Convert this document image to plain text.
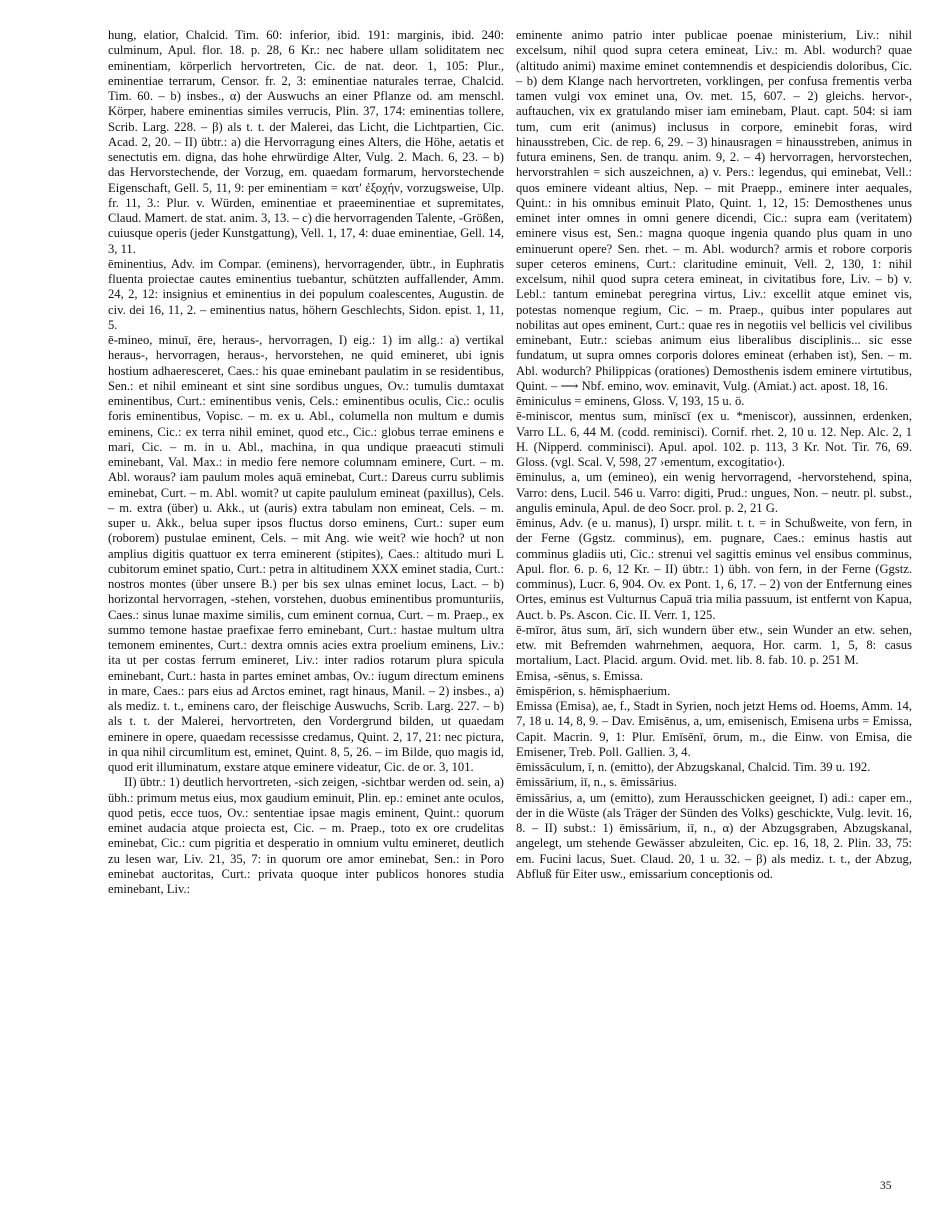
hung, elatior, Chalcid. Tim. 60: inferior, ibid. 191: marginis, ibid. 240: culminum, Apul. flor. 18. p. 28, 6 Kr.: nec habere ullam soliditatem nec eminentiam, körperlich hervortreten, Cic. de nat. deor. 1, 105: Plur., eminentiae terrarum, Censor. fr. 2, 3: eminentiae naturales terrae, Chalcid. Tim. 60. – b) insbes., α) der Auswuchs an einer Pflanze od. am menschl. Körper, habere eminentias similes verrucis, Plin. 37, 174: eminentias tollere, Scrib. Larg. 228. – β) als t. t. der Malerei, das Licht, die Lichtpartien, Cic. Acad. 2, 20. – II) übtr.: a) die Hervorragung eines Alters, die Höhe, aetatis et senectutis em. digna, das hohe ehrwürdige Alter, Vulg. 2. Mach. 6, 23. – b) das Hervorstechende, der Vorzug, em. quaedam formarum, hervorstechende Eigenschaft, Gell. 5, 11, 9: per eminentiam = κατ' ἐξοχήν, vorzugsweise, Ulp. fr. 11, 3.: Plur. v. Würden, eminentiae et praeeminentiae et supremitates, Claud. Mamert. de stat. anim. 3, 13. – c) die hervorragenden Talente, -Größen, cuiusque operis (jeder Kunstgattung), Vell. 1, 17, 4: duae eminentiae, Gell. 14, 3, 11.

ēminentius, Adv. im Compar. (eminens), hervorragender, übtr., in Euphratis fluenta proiectae cautes eminentius tuebantur, schützten auffallender, Amm. 24, 2, 12: insignius et eminentius in dei populum coalescentes, Augustin. de civ. dei 16, 11, 2. – eminentius natus, höhern Geschlechts, Sidon. epist. 1, 11, 5.

ē-mineo, minuī, ēre, heraus-, hervorragen, I) eig.: 1) im allg.: a) vertikal heraus-, hervorragen, heraus-, hervorstehen, ne quid emineret, ubi ignis hostium adhaeresceret, Caes.: his quae eminebant paulatim in se residentibus, Sen.: et nihil emineant et sint sine sordibus ungues, Ov.: tumulis dumtaxat eminentibus, Curt.: eminentibus venis, Cels.: eminentibus oculis, Cic.: oculis foris eminentibus, Vopisc. – m. ex u. Abl., columella non multum e dumis eminens, Cic.: ex terra nihil eminet, quod etc., Cic.: globus terrae eminens e mari, Cic. – m. in u. Abl., machina, in qua undique praeacuti stimuli eminebant, Val. Max.: in medio fere nemore columnam eminere, Curt. – m. Abl. woraus? iam paulum moles aquā eminebat, Curt.: Dareus curru sublimis eminebat, Curt. – m. Abl. womit? ut capite paululum emineat (paxillus), Cels. – m. extra (über) u. Akk., ut (auris) extra tabulam non emineat, Cels. – m. super u. Akk., belua super ipsos fluctus dorso eminens, Curt.: super eum (roborem) pustulae eminent, Cels. – mit Ang. wie weit? wie hoch? ut non amplius digitis quattuor ex terra eminerent (stipites), Caes.: altitudo muri L cubitorum eminet spatio, Curt.: petra in altitudinem XXX eminet stadia, Curt.: nostros montes (über unsere B.) per bis sex ulnas eminet locus, Lact. – b) horizontal hervorragen, -stehen, vorstehen, duobus eminentibus promunturiis, Caes.: sinus lunae maxime similis, cum eminent cornua, Curt. – m. Praep., ex summo temone hastae praefixae ferro eminebant, Curt.: hastae multum ultra temonem eminentes, Curt.: dextra omnis acies extra proelium eminens, Liv.: ita ut per costas ferrum emineret, Liv.: inter radios rotarum plura spicula eminebant, Curt.: hasta in partes eminet ambas, Ov.: iugum directum eminens in mare, Caes.: pars eius ad Arctos eminet, ragt hinaus, Manil. – 2) insbes., a) als mediz. t. t., eminens caro, der fleischige Auswuchs, Scrib. Larg. 227. – b) als t. t. der Malerei, hervortreten, den Vordergrund bilden, ut quaedam eminere in opere, quaedam recessisse credamus, Quint. 2, 17, 21: nec pictura, in qua nihil circumlitum est, eminet, Quint. 8, 5, 26. – im Bilde, quo magis id, quod erit illuminatum, exstare atque eminere videatur, Cic. de or. 3, 101.

II) übtr.: 1) deutlich hervortreten, -sich zeigen, -sichtbar werden od. sein, a) übh.: primum metus eius, mox gaudium eminuit, Plin. ep.: eminet ante oculos, quod petis, ecce tuos, Ov.: sententiae ipsae magis eminent, Quint.: quorum eminet audacia atque proiecta est, Cic. – m. Praep., toto ex ore crudelitas eminebat, Cic.: cum pigritia et desperatio in omnium vultu emineret, deutlich zu lesen war, Liv. 21, 35, 7: in quorum ore amor eminebat, Sen.: in Poro eminebat auctoritas, Curt.: privata quoque inter publicos honores studia eminebant, Liv.:

eminente animo patrio inter publicae poenae ministerium, Liv.: nihil excelsum, nihil quod supra cetera emineat, Liv.: m. Abl. wodurch? quae (altitudo animi) maxime eminet contemnendis et despiciendis doloribus, Cic. – b) dem Klange nach hervortreten, vorklingen, per confusa frementis verba tamen vulgi vox eminet una, Ov. met. 15, 607. – 2) gleichs. hervor-, auftauchen, vix ex gratulando miser iam eminebam, Plaut. capt. 504: si iam tum, cum erit (animus) inclusus in corpore, eminebit foras, wird hinausstreben, Cic. de rep. 6, 29. – 3) hinausragen = hinausstreben, animus in futura eminens, Sen. de tranqu. anim. 9, 2. – 4) hervorragen, hervorstechen, hervorstrahlen = sich auszeichnen, a) v. Pers.: legendus, qui eminebat, Vell.: quos eminere videant altius, Nep. – mit Praepp., eminere inter aequales, Quint.: in his omnibus eminuit Plato, Quint. 1, 12, 15: Demosthenes unus eminet inter omnes in omni genere dicendi, Cic.: supra eam (veritatem) eminere visus est, Sen.: magna quoque ingenia quando plus quam in uno eminuerunt opere? Sen. rhet. – m. Abl. wodurch? armis et robore corporis super ceteros eminens, Curt.: claritudine eminuit, Vell. 2, 130, 1: nihil excelsum, nihil quod supra cetera emineat, in civitatibus fore, Liv. – b) v. Lebl.: tantum eminebat peregrina virtus, Liv.: excellit atque eminet vis, potestas nomenque regium, Cic. – m. Praep., quibus inter populares aut nobilitas aut opes eminent, Curt.: quae res in negotiis vel bellicis vel civilibus eminebant, Eutr.: sciebas animum eius liberalibus disciplinis... sic esse fundatum, ut supra omnes corporis dolores emineat (erhaben ist), Sen. – m. Abl. wodurch? Philippicas (orationes) Demosthenis isdem eminere virtutibus, Quint. – ⟶ Nbf. emino, wov. eminavit, Vulg. (Amiat.) act. apost. 18, 16.

ēminiculus = eminens, Gloss. V, 193, 15 u. ö.

ē-miniscor, mentus sum, minīscī (ex u. *meniscor), aussinnen, erdenken, Varro LL. 6, 44 M. (codd. reminisci). Cornif. rhet. 2, 10 u. 12. Nep. Alc. 2, 1 H. (Nipperd. comminisci). Apul. apol. 102. p. 113, 3 Kr. Not. Tir. 76, 69. Gloss. (vgl. Scal. V, 598, 27 ›ementum, excogitatio‹).

ēminulus, a, um (emineo), ein wenig hervorragend, -hervorstehend, spina, Varro: dens, Lucil. 546 u. Varro: digiti, Prud.: ungues, Non. – neutr. pl. subst., angulis eminula, Apul. de deo Socr. prol. p. 2, 21 G.

ēminus, Adv. (e u. manus), I) urspr. milit. t. t. = in Schußweite, von fern, in der Ferne (Ggstz. comminus), em. pugnare, Caes.: eminus hastis aut comminus gladiis uti, Cic.: strenui vel sagittis eminus vel ensibus comminus, Apul. flor. 6. p. 6, 12 Kr. – II) übtr.: 1) übh. von fern, in der Ferne (Ggstz. comminus), Lucr. 6, 904. Ov. ex Pont. 1, 6, 17. – 2) von der Entfernung eines Ortes, eminus est Vulturnus Capuā tria milia passuum, ist entfernt von Kapua, Auct. b. Ps. Ascon. Cic. II. Verr. 1, 125.

ē-mīror, ātus sum, ārī, sich wundern über etw., sein Wunder an etw. sehen, etw. mit Befremden wahrnehmen, aequora, Hor. carm. 1, 5, 8: casus mortalium, Lact. Placid. argum. Ovid. met. lib. 8. fab. 10. p. 251 M.

Emisa, -sēnus, s. Emissa.

ēmispērion, s. hēmisphaerium.

Emissa (Emisa), ae, f., Stadt in Syrien, noch jetzt Hems od. Hoems, Amm. 14, 7, 18 u. 14, 8, 9. – Dav. Emisēnus, a, um, emisenisch, Emisena urbs = Emissa, Capit. Macrin. 9, 1: Plur. Emīsēnī, ōrum, m., die Einw. von Emisa, die Emisener, Treb. Poll. Gallien. 3, 4.

ēmissāculum, ī, n. (emitto), der Abzugskanal, Chalcid. Tim. 39 u. 192.

ēmissārium, iī, n., s. ēmissārius.

ēmissārius, a, um (emitto), zum Herausschicken geeignet, I) adi.: caper em., der in die Wüste (als Träger der Sünden des Volks) geschickte, Vulg. levit. 16, 8. – II) subst.: 1) ēmissārium, iī, n., α) der Abzugsgraben, Abzugskanal, angelegt, um stehende Gewässer abzuleiten, Cic. ep. 16, 18, 2. Plin. 33, 75: em. Fucini lacus, Suet. Claud. 20, 1 u. 32. – β) als mediz. t. t., der Abzug, Abfluß für Eiter usw., emissarium conceptionis od.

35
